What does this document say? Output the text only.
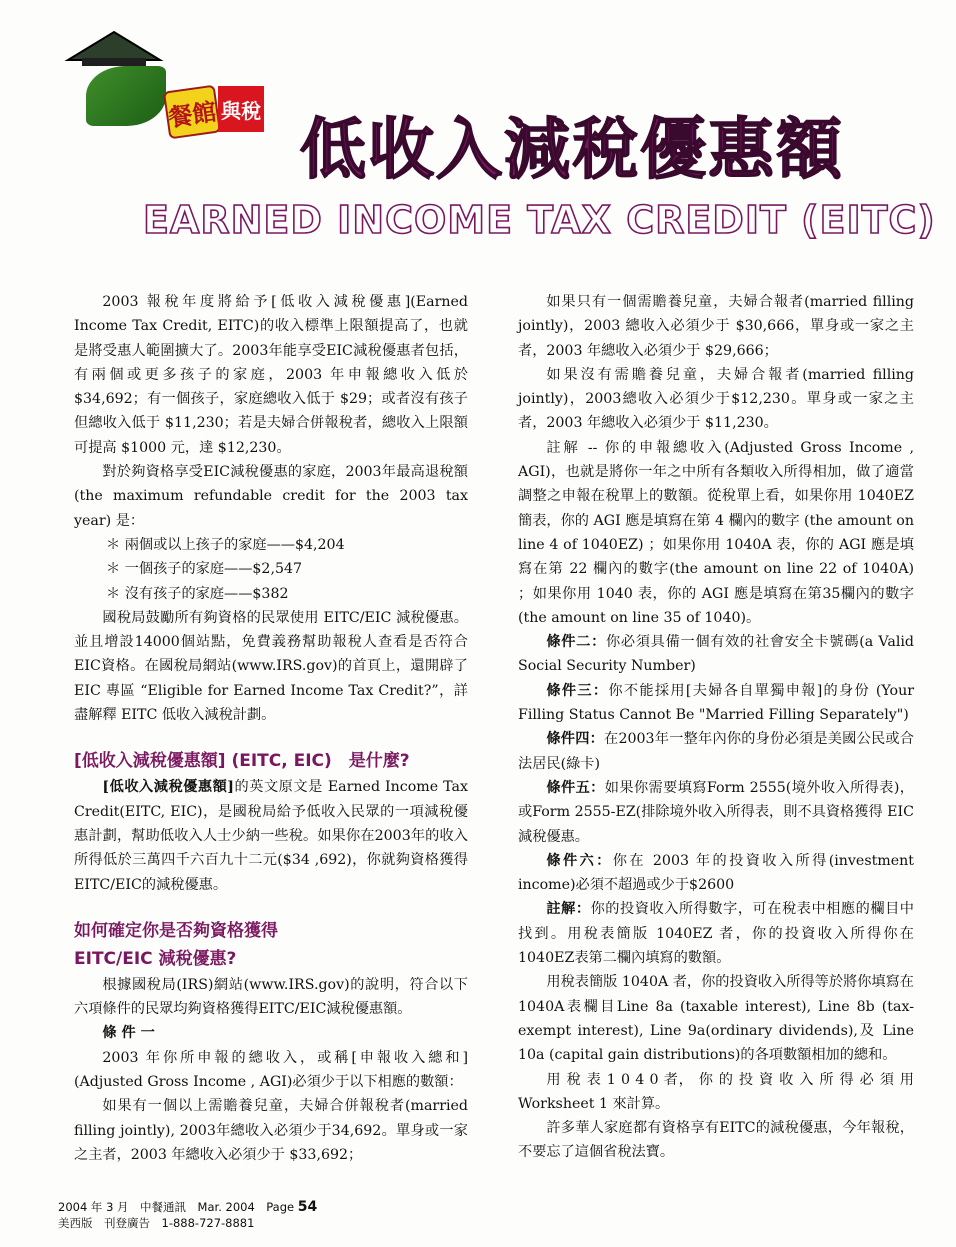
餐館 與稅
低收入減稅優惠額
EARNED INCOME TAX CREDIT (EITC)

2003 報稅年度將給予[低收入減稅優惠](Earned Income Tax Credit, EITC)的收入標準上限額提高了，也就是將受惠人範圍擴大了。2003年能享受EIC減稅優惠者包括，有兩個或更多孩子的家庭，2003 年申報總收入低於 $34,692；有一個孩子，家庭總收入低于 $29；或者沒有孩子但總收入低于 $11,230；若是夫婦合併報稅者，總收入上限額可提高 $1000 元，達 $12,230。

對於夠資格享受EIC減稅優惠的家庭，2003年最高退稅額(the maximum refundable credit for the 2003 tax year) 是：

＊ 兩個或以上孩子的家庭——$4,204

＊ 一個孩子的家庭——$2,547

＊ 沒有孩子的家庭——$382

國稅局鼓勵所有夠資格的民眾使用 EITC/EIC 減稅優惠。並且增設14000個站點，免費義務幫助報稅人查看是否符合EIC資格。在國稅局網站(www.IRS.gov)的首頁上，還開辟了 EIC 專區 “Eligible for Earned Income Tax Credit?”，詳盡解釋 EITC 低收入減稅計劃。

[低收入減稅優惠額] (EITC, EIC)　是什麼?

[低收入減稅優惠額]的英文原文是 Earned Income Tax Credit(EITC, EIC)，是國稅局給予低收入民眾的一項減稅優惠計劃，幫助低收入人士少納一些稅。如果你在2003年的收入所得低於三萬四千六百九十二元($34 ,692)，你就夠資格獲得EITC/EIC的減稅優惠。

如何確定你是否夠資格獲得

EITC/EIC 減稅優惠?

根據國稅局(IRS)網站(www.IRS.gov)的說明，符合以下六項條件的民眾均夠資格獲得EITC/EIC減稅優惠額。

條 件 一

2003 年你所申報的總收入，或稱[申報收入總和] (Adjusted Gross Income , AGI)必須少于以下相應的數額：

如果有一個以上需贍養兒童，夫婦合併報稅者(married filling jointly), 2003年總收入必須少于34,692。單身或一家之主者，2003 年總收入必須少于 $33,692；

如果只有一個需贍養兒童，夫婦合報者(married filling jointly)，2003 總收入必須少于 $30,666，單身或一家之主者，2003 年總收入必須少于 $29,666；

如果沒有需贍養兒童，夫婦合報者(married filling jointly)，2003總收入必須少于$12,230。單身或一家之主者，2003 年總收入必須少于 $11,230。

註解 -- 你的申報總收入(Adjusted Gross Income , AGI)，也就是將你一年之中所有各類收入所得相加，做了適當調整之申報在稅單上的數額。從稅單上看，如果你用 1040EZ 簡表，你的 AGI 應是填寫在第 4 欄內的數字 (the amount on line 4 of 1040EZ) ；如果你用 1040A 表，你的 AGI 應是填寫在第 22 欄內的數字(the amount on line 22 of 1040A) ；如果你用 1040 表，你的 AGI 應是填寫在第35欄內的數字(the amount on line 35 of 1040)。

條件二：你必須具備一個有效的社會安全卡號碼(a Valid Social Security Number)

條件三：你不能採用[夫婦各自單獨申報]的身份 (Your Filling Status Cannot Be "Married Filling Separately")

條件四：在2003年一整年內你的身份必須是美國公民或合法居民(綠卡)

條件五：如果你需要填寫Form 2555(境外收入所得表)，或Form 2555-EZ(排除境外收入所得表，則不具資格獲得 EIC 減稅優惠。

條件六：你在 2003 年的投資收入所得(investment income)必須不超過或少于$2600

註解：你的投資收入所得數字，可在稅表中相應的欄目中找到。用稅表簡版 1040EZ 者，你的投資收入所得你在1040EZ表第二欄內填寫的數額。

用稅表簡版 1040A 者，你的投資收入所得等於將你填寫在1040A表欄目Line 8a (taxable interest), Line 8b (tax-exempt interest), Line 9a(ordinary dividends),及 Line 10a (capital gain distributions)的各項數額相加的總和。

用 稅 表 1 0 4 0 者， 你 的 投 資 收 入 所 得 必 須 用 Worksheet 1 來計算。

許多華人家庭都有資格享有EITC的減稅優惠，今年報稅，不要忘了這個省稅法寶。

2004 年 3 月　中餐通訊　Mar. 2004　Page 54
美西版　刊登廣告　1-888-727-8881
